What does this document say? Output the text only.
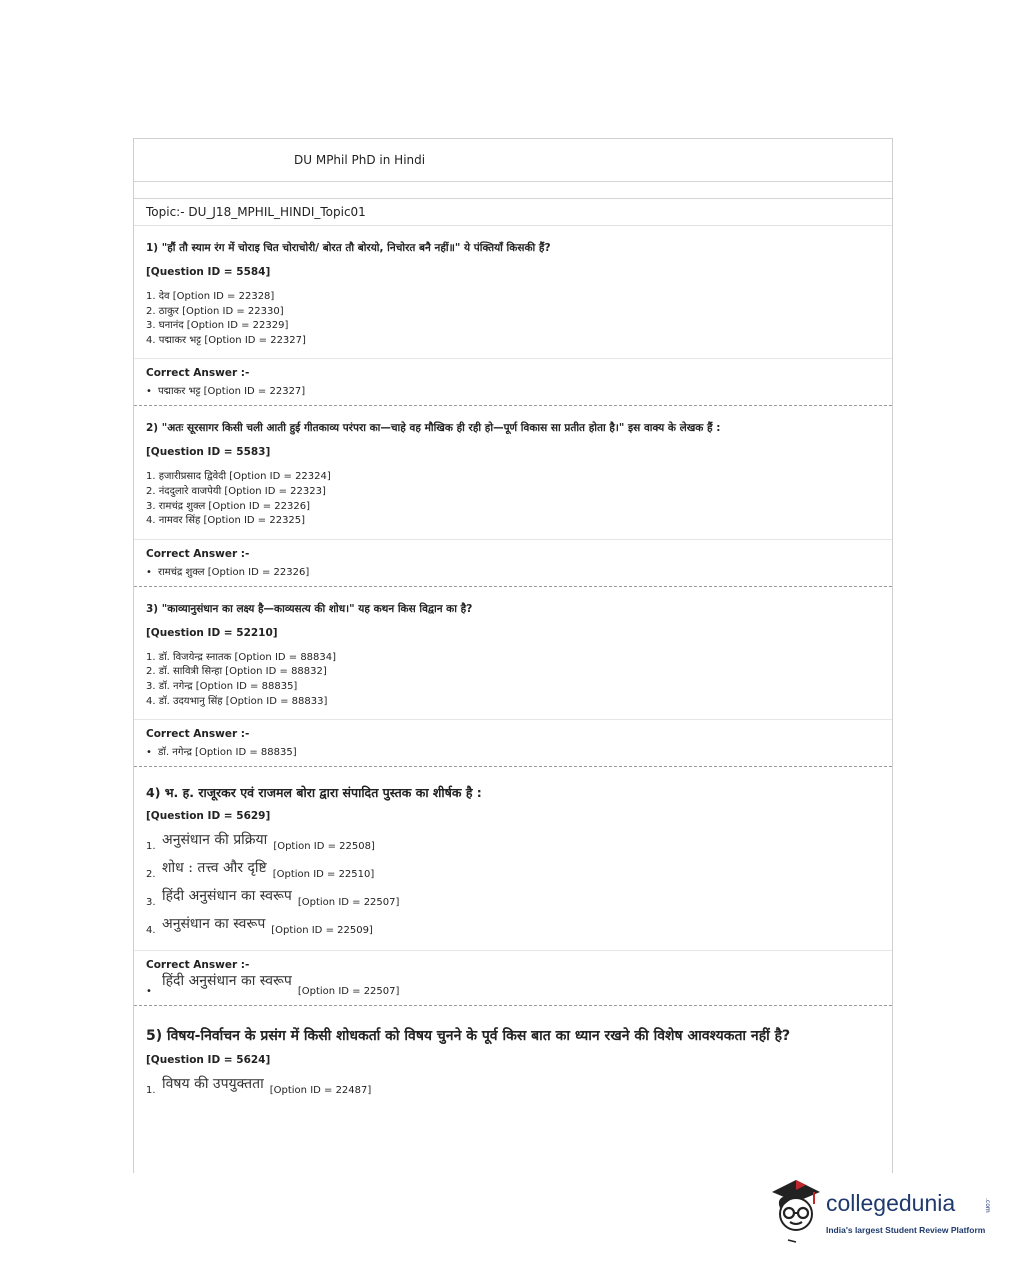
DU MPhil PhD in Hindi
Topic:- DU_J18_MPHIL_HINDI_Topic01
1) "हौं तौ स्याम रंग में चोराइ चित चोराचोरी/ बोरत तौ बोरयो, निचोरत बनै नहीं॥" ये पंक्तियाँ किसकी हैं?
[Question ID = 5584]
1. देव [Option ID = 22328]
2. ठाकुर [Option ID = 22330]
3. घनानंद [Option ID = 22329]
4. पद्माकर भट्ट [Option ID = 22327]
Correct Answer :-
• पद्माकर भट्ट [Option ID = 22327]
2) "अतः सूरसागर किसी चली आती हुई गीतकाव्य परंपरा का—चाहे वह मौखिक ही रही हो—पूर्ण विकास सा प्रतीत होता है।" इस वाक्य के लेखक हैं :
[Question ID = 5583]
1. हजारीप्रसाद द्विवेदी [Option ID = 22324]
2. नंददुलारे वाजपेयी [Option ID = 22323]
3. रामचंद्र शुक्ल [Option ID = 22326]
4. नामवर सिंह [Option ID = 22325]
Correct Answer :-
• रामचंद्र शुक्ल [Option ID = 22326]
3) "काव्यानुसंधान का लक्ष्य है—काव्यसत्य की शोध।" यह कथन किस विद्वान का है?
[Question ID = 52210]
1. डॉ. विजयेन्द्र स्नातक [Option ID = 88834]
2. डॉ. सावित्री सिन्हा [Option ID = 88832]
3. डॉ. नगेन्द्र [Option ID = 88835]
4. डॉ. उदयभानु सिंह [Option ID = 88833]
Correct Answer :-
• डॉ. नगेन्द्र [Option ID = 88835]
4) भ. ह. राजूरकर एवं राजमल बोरा द्वारा संपादित पुस्तक का शीर्षक है :
[Question ID = 5629]
1. अनुसंधान की प्रक्रिया [Option ID = 22508]
2. शोध : तत्त्व और दृष्टि [Option ID = 22510]
3. हिंदी अनुसंधान का स्वरूप [Option ID = 22507]
4. अनुसंधान का स्वरूप [Option ID = 22509]
Correct Answer :-
•
हिंदी अनुसंधान का स्वरूप
[Option ID = 22507]
5) विषय-निर्वाचन के प्रसंग में किसी शोधकर्ता को विषय चुनने के पूर्व किस बात का ध्यान रखने की विशेष आवश्यकता नहीं है?
[Question ID = 5624]
1. विषय की उपयुक्तता [Option ID = 22487]
collegedunia	.com
India's largest Student Review Platform
